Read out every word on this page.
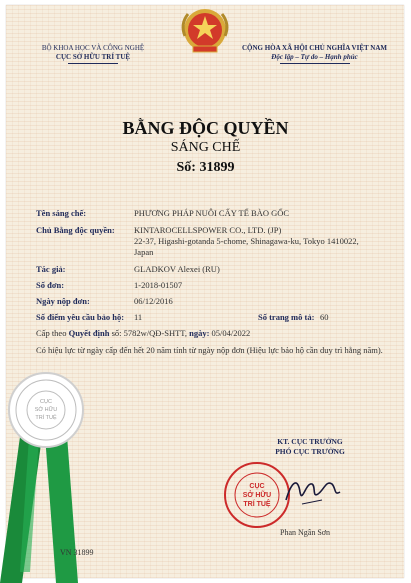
BỘ KHOA HỌC VÀ CÔNG NGHỆ
CỤC SỞ HỮU TRÍ TUỆ
CỘNG HÒA XÃ HỘI CHỦ NGHĨA VIỆT NAM
Độc lập – Tự do – Hạnh phúc
BẰNG ĐỘC QUYỀN
SÁNG CHẾ
Số: 31899
Tên sáng chế:	PHƯƠNG PHÁP NUÔI CẤY TẾ BÀO GỐC
Chủ Bằng độc quyền: KINTAROCELLSPOWER CO., LTD. (JP)
22-37, Higashi-gotanda 5-chome, Shinagawa-ku, Tokyo 1410022,
Japan
Tác giả:	GLADKOV Alexei (RU)
Số đơn:	1-2018-01507
Ngày nộp đơn:	06/12/2016
Số điểm yêu cầu bảo hộ: 11	Số trang mô tả: 60
Cấp theo Quyết định số: 5782w/QĐ-SHTT, ngày: 05/04/2022
Có hiệu lực từ ngày cấp đến hết 20 năm tính từ ngày nộp đơn (Hiệu lực bảo hộ cần duy trì hằng năm).
CỤC
SỞ HỮU
TRÍ TUỆ
VN 31899
KT. CỤC TRƯỞNG
PHÓ CỤC TRƯỞNG
CỤC
SỞ HỮU
TRÍ TUỆ
Phan Ngân Sơn
